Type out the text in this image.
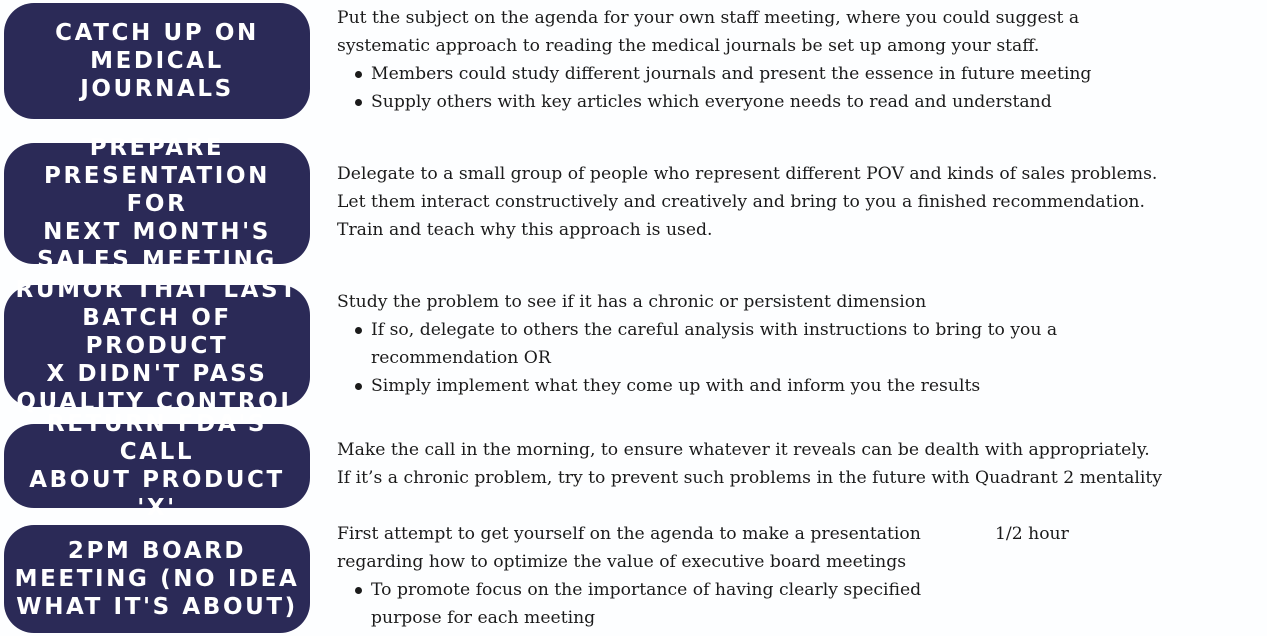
CATCH UP ON
MEDICAL JOURNALS

Put the subject on the agenda for your own staff meeting, where you could suggest a

systematic approach to reading the medical journals be set up among your staff.

Members could study different journals and present the essence in future meeting
Supply others with key articles which everyone needs to read and understand
PREPARE
PRESENTATION FOR
NEXT MONTH'S
SALES MEETING

Delegate to a small group of people who represent different POV and kinds of sales problems.

Let them interact constructively and creatively and bring to you a finished recommendation.

Train and teach why this approach is used.

RUMOR THAT LAST
BATCH OF PRODUCT
X DIDN'T PASS
QUALITY CONTROL

Study the problem to see if it has a chronic or persistent dimension

If so, delegate to others the careful analysis with instructions to bring to you a
recommendation OR
Simply implement what they come up with and inform you the results
RETURN FDA'S CALL
ABOUT PRODUCT 'X'

Make the call in the morning, to ensure whatever it reveals can be dealth with appropriately.

If it’s a chronic problem, try to prevent such problems in the future with Quadrant 2 mentality

2PM BOARD
MEETING (NO IDEA
WHAT IT'S ABOUT)

First attempt to get yourself on the agenda to make a presentation

regarding how to optimize the value of executive board meetings

To promote focus on the importance of having clearly specified
purpose for each meeting
1/2 hour
